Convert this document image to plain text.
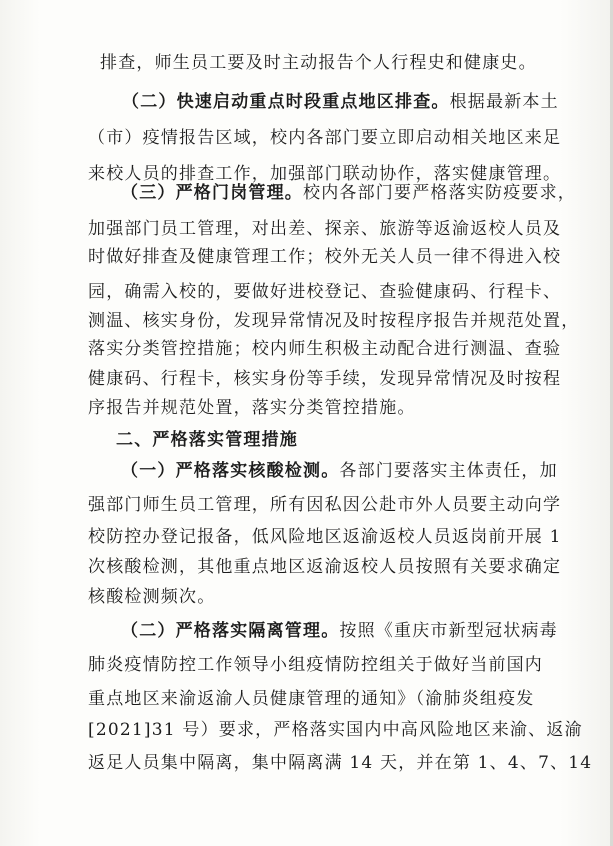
排查，师生员工要及时主动报告个人行程史和健康史。
（二）快速启动重点时段重点地区排查。根据最新本土
（市）疫情报告区域，校内各部门要立即启动相关地区来足
来校人员的排查工作，加强部门联动协作，落实健康管理。
（三）严格门岗管理。校内各部门要严格落实防疫要求，
加强部门员工管理，对出差、探亲、旅游等返渝返校人员及
时做好排查及健康管理工作；校外无关人员一律不得进入校
园，确需入校的，要做好进校登记、查验健康码、行程卡、
测温、核实身份，发现异常情况及时按程序报告并规范处置，
落实分类管控措施；校内师生积极主动配合进行测温、查验
健康码、行程卡，核实身份等手续，发现异常情况及时按程
序报告并规范处置，落实分类管控措施。
二、严格落实管理措施
（一）严格落实核酸检测。各部门要落实主体责任，加
强部门师生员工管理，所有因私因公赴市外人员要主动向学
校防控办登记报备，低风险地区返渝返校人员返岗前开展 1
次核酸检测，其他重点地区返渝返校人员按照有关要求确定
核酸检测频次。
（二）严格落实隔离管理。按照《重庆市新型冠状病毒
肺炎疫情防控工作领导小组疫情防控组关于做好当前国内
重点地区来渝返渝人员健康管理的通知》（渝肺炎组疫发
[2021]31 号）要求，严格落实国内中高风险地区来渝、返渝
返足人员集中隔离，集中隔离满 14 天，并在第 1、4、7、14
